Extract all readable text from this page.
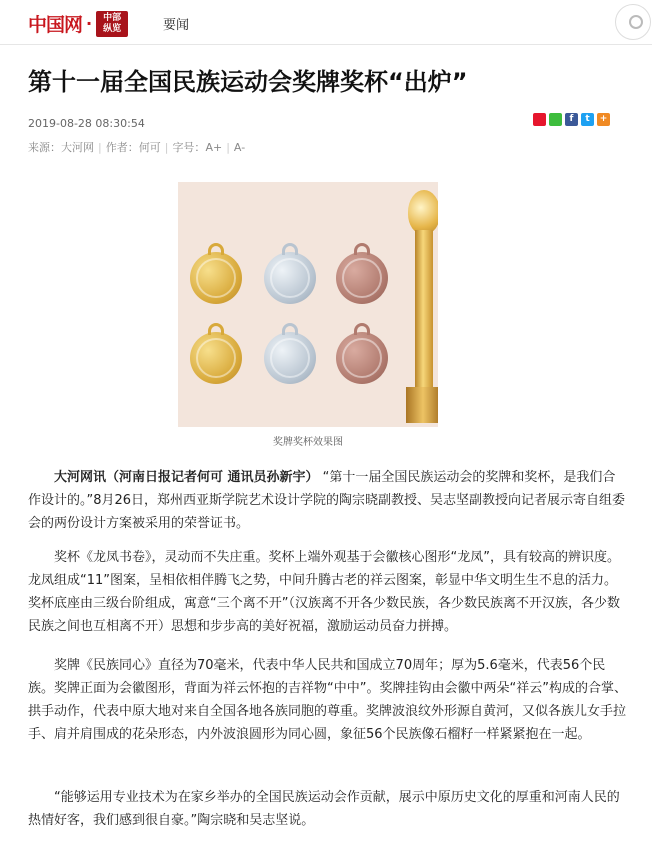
中国网 ·	中部纵览	要闻
第十一届全国民族运动会奖牌奖杯“出炉”
2019-08-28 08:30:54	f	t	+
来源：大河网 | 作者：何可 | 字号：A+ | A-
奖牌奖杯效果图

大河网讯（河南日报记者何可 通讯员孙新宇） “第十一届全国民族运动会的奖牌和奖杯，是我们合作设计的。”8月26日，郑州西亚斯学院艺术设计学院的陶宗晓副教授、吴志坚副教授向记者展示寄自组委会的两份设计方案被采用的荣誉证书。

奖杯《龙凤书卷》，灵动而不失庄重。奖杯上端外观基于会徽核心图形“龙凤”，具有较高的辨识度。龙凤组成“11”图案，呈相依相伴腾飞之势，中间升腾古老的祥云图案，彰显中华文明生生不息的活力。奖杯底座由三级台阶组成，寓意“三个离不开”（汉族离不开各少数民族，各少数民族离不开汉族，各少数民族之间也互相离不开）思想和步步高的美好祝福，激励运动员奋力拼搏。

奖牌《民族同心》直径为70毫米，代表中华人民共和国成立70周年；厚为5.6毫米，代表56个民族。奖牌正面为会徽图形，背面为祥云怀抱的吉祥物“中中”。奖牌挂钩由会徽中两朵“祥云”构成的合掌、拱手动作，代表中原大地对来自全国各地各族同胞的尊重。奖牌波浪纹外形源自黄河，又似各族儿女手拉手、肩并肩围成的花朵形态，内外波浪圆形为同心圆，象征56个民族像石榴籽一样紧紧抱在一起。

“能够运用专业技术为在家乡举办的全国民族运动会作贡献，展示中原历史文化的厚重和河南人民的热情好客，我们感到很自豪。”陶宗晓和吴志坚说。
